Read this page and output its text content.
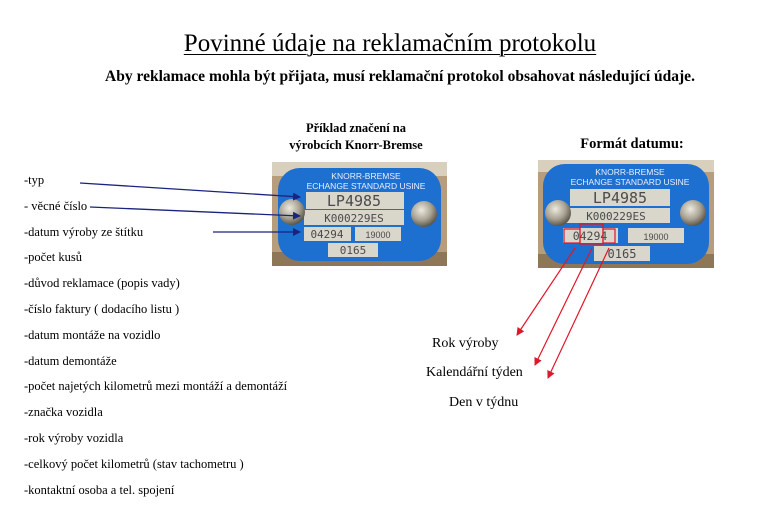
Povinné údaje na reklamačním protokolu
Aby reklamace mohla být přijata, musí reklamační protokol obsahovat následující údaje.
Příklad značení na
výrobcích Knorr-Bremse	Formát datumu:
-typ
- věcné číslo
-datum výroby ze štítku
-počet kusů
-důvod reklamace (popis vady)
-číslo faktury ( dodacího listu )
-datum montáže na vozidlo
-datum demontáže
-počet najetých kilometrů mezi montáží a demontáží
-značka vozidla
-rok výroby vozidla
-celkový počet kilometrů (stav tachometru )
-kontaktní osoba a tel. spojení
KNORR-BREMSE
ECHANGE STANDARD USINE
LP4985
K000229ES
04294 19000
0165
KNORR-BREMSE
ECHANGE STANDARD USINE
LP4985
K000229ES
04294	19000
0165
Rok výroby
Kalendářní týden
Den v týdnu
